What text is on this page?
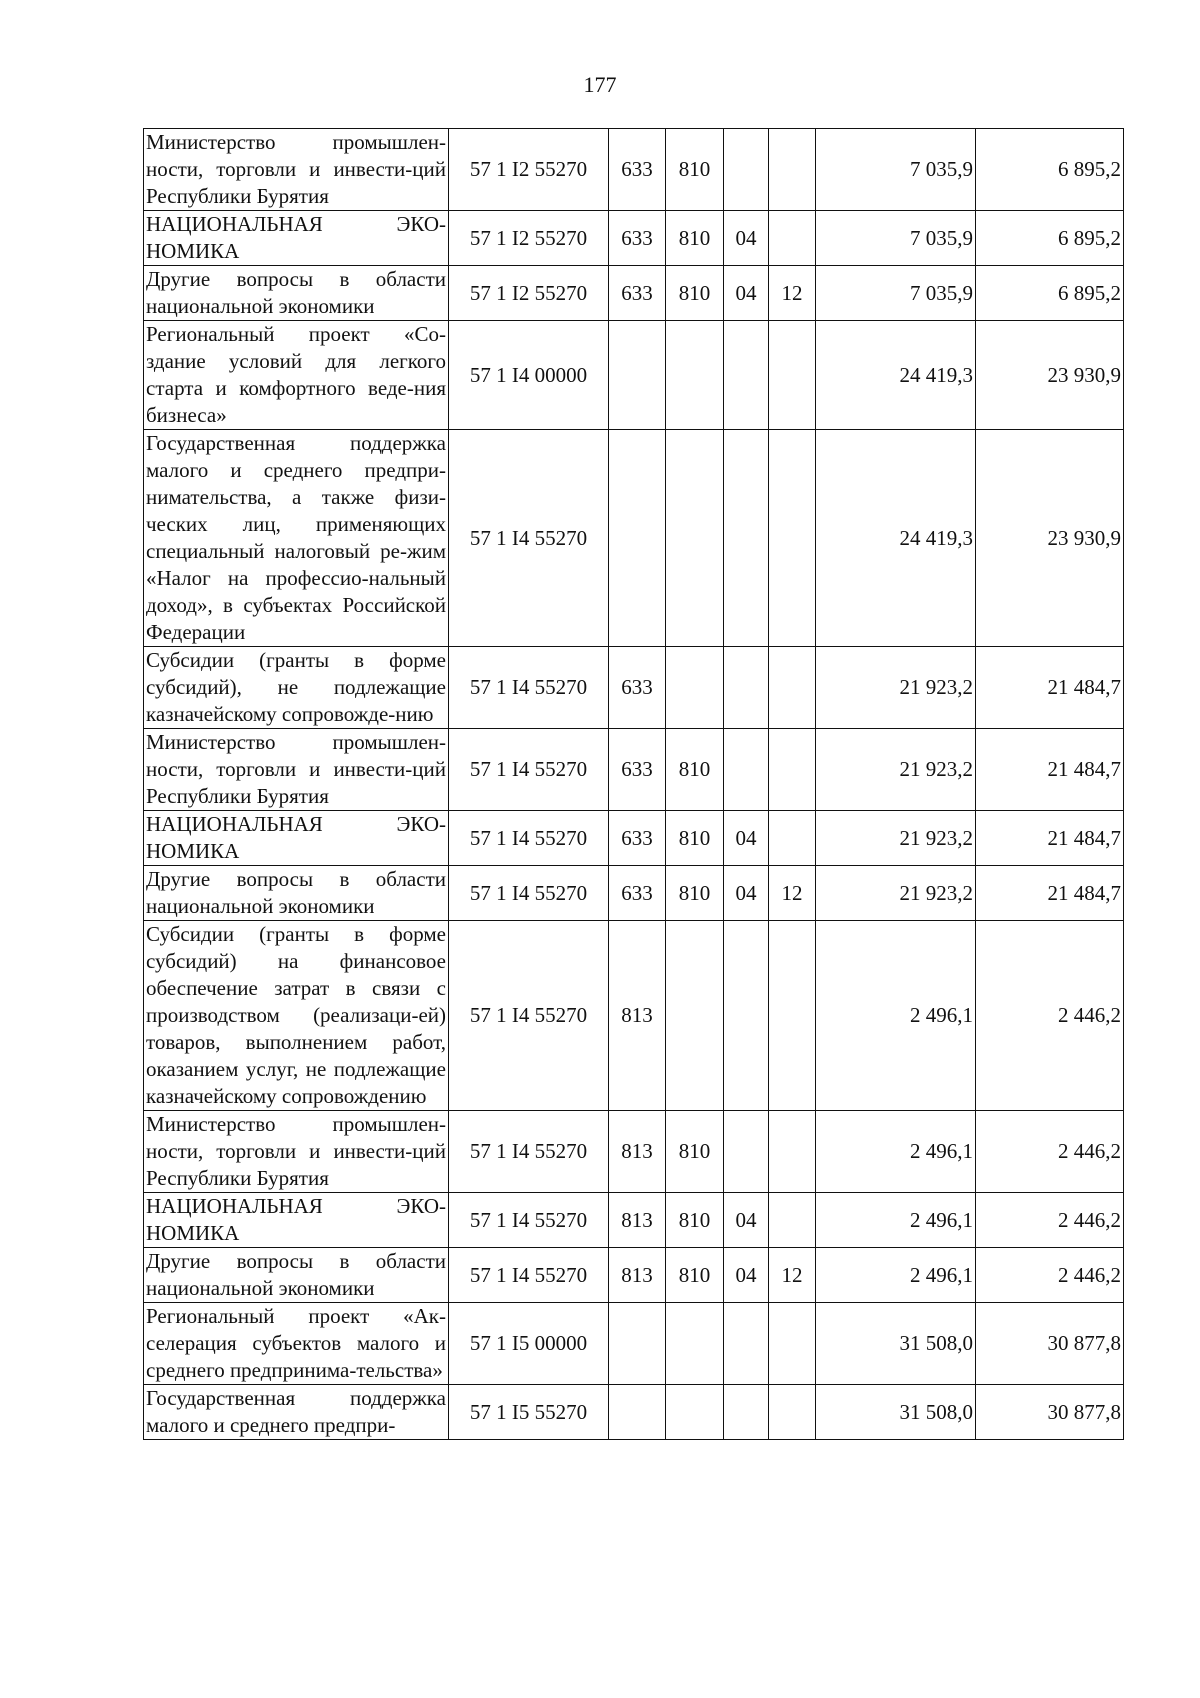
177
Министерство промышлен-ности, торговли и инвести-ций Республики Бурятия	57 1 I2 55270	633	810			7 035,9	6 895,2
НАЦИОНАЛЬНАЯ ЭКО-НОМИКА	57 1 I2 55270	633	810	04		7 035,9	6 895,2
Другие вопросы в области национальной экономики	57 1 I2 55270	633	810	04	12	7 035,9	6 895,2
Региональный проект «Со-здание условий для легкого старта и комфортного веде-ния бизнеса»	57 1 I4 00000					24 419,3	23 930,9
Государственная поддержка малого и среднего предпри-нимательства, а также физи-ческих лиц, применяющих специальный налоговый ре-жим «Налог на профессио-нальный доход», в субъектах Российской Федерации	57 1 I4 55270					24 419,3	23 930,9
Субсидии (гранты в форме субсидий), не подлежащие казначейскому сопровожде-нию	57 1 I4 55270	633				21 923,2	21 484,7
Министерство промышлен-ности, торговли и инвести-ций Республики Бурятия	57 1 I4 55270	633	810			21 923,2	21 484,7
НАЦИОНАЛЬНАЯ ЭКО-НОМИКА	57 1 I4 55270	633	810	04		21 923,2	21 484,7
Другие вопросы в области национальной экономики	57 1 I4 55270	633	810	04	12	21 923,2	21 484,7
Субсидии (гранты в форме субсидий) на финансовое обеспечение затрат в связи с производством (реализаци-ей) товаров, выполнением работ, оказанием услуг, не подлежащие казначейскому сопровождению	57 1 I4 55270	813				2 496,1	2 446,2
Министерство промышлен-ности, торговли и инвести-ций Республики Бурятия	57 1 I4 55270	813	810			2 496,1	2 446,2
НАЦИОНАЛЬНАЯ ЭКО-НОМИКА	57 1 I4 55270	813	810	04		2 496,1	2 446,2
Другие вопросы в области национальной экономики	57 1 I4 55270	813	810	04	12	2 496,1	2 446,2
Региональный проект «Ак-селерация субъектов малого и среднего предпринима-тельства»	57 1 I5 00000					31 508,0	30 877,8
Государственная поддержка малого и среднего предпри-	57 1 I5 55270					31 508,0	30 877,8
